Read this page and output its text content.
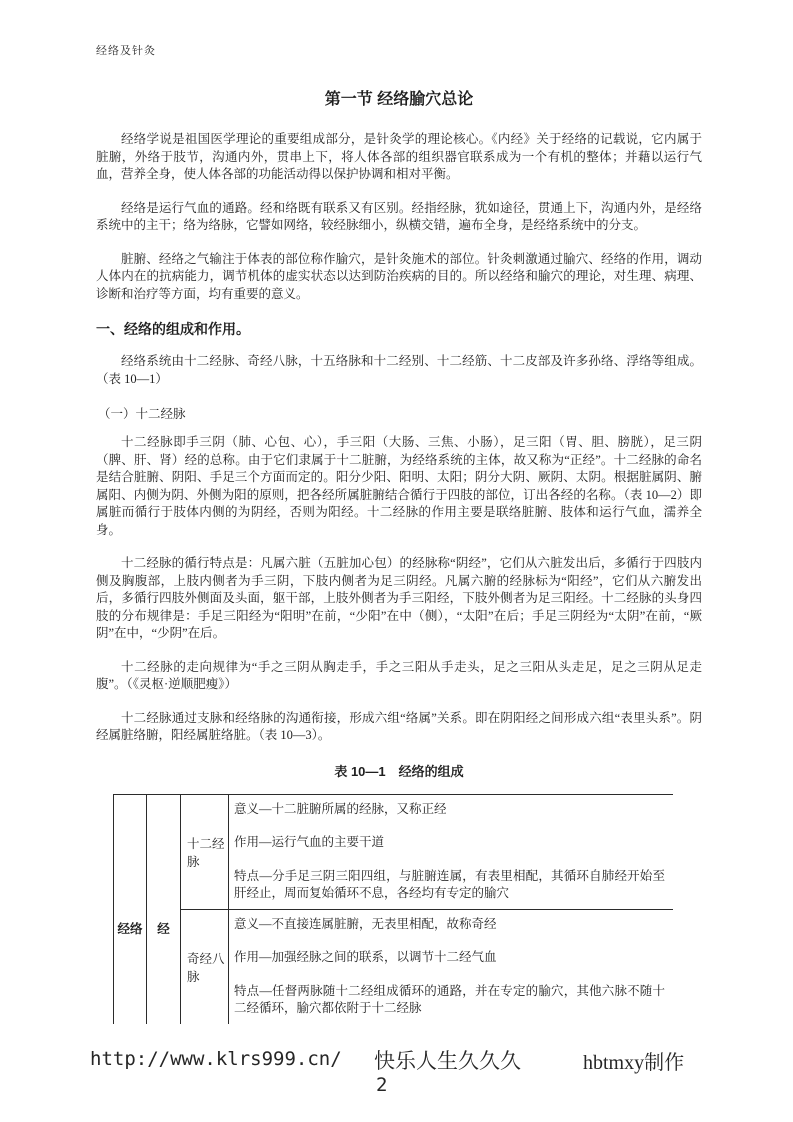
经络及针灸
第一节 经络腧穴总论

经络学说是祖国医学理论的重要组成部分，是针灸学的理论核心。《内经》关于经络的记载说，它内属于脏腑，外络于肢节，沟通内外，贯串上下，将人体各部的组织器官联系成为一个有机的整体；并藉以运行气血，营养全身，使人体各部的功能活动得以保护协调和相对平衡。

经络是运行气血的通路。经和络既有联系又有区别。经指经脉，犹如途径，贯通上下，沟通内外，是经络系统中的主干；络为络脉，它譬如网络，较经脉细小，纵横交错，遍布全身，是经络系统中的分支。

脏腑、经络之气输注于体表的部位称作腧穴，是针灸施术的部位。针灸刺激通过腧穴、经络的作用，调动人体内在的抗病能力，调节机体的虚实状态以达到防治疾病的目的。所以经络和腧穴的理论，对生理、病理、诊断和治疗等方面，均有重要的意义。

一、经络的组成和作用。

经络系统由十二经脉、奇经八脉，十五络脉和十二经别、十二经筋、十二皮部及许多孙络、浮络等组成。（表 10—1）

（一）十二经脉

十二经脉即手三阴（肺、心包、心），手三阳（大肠、三焦、小肠），足三阳（胃、胆、膀胱），足三阴（脾、肝、肾）经的总称。由于它们隶属于十二脏腑，为经络系统的主体，故又称为“正经”。十二经脉的命名是结合脏腑、阴阳、手足三个方面而定的。阳分少阳、阳明、太阳；阴分大阴、厥阴、太阴。根据脏属阴、腑属阳、内侧为阴、外侧为阳的原则，把各经所属脏腑结合循行于四肢的部位，订出各经的名称。（表 10—2）即属脏而循行于肢体内侧的为阴经，否则为阳经。十二经脉的作用主要是联络脏腑、肢体和运行气血，濡养全身。

十二经脉的循行特点是：凡属六脏（五脏加心包）的经脉称“阴经”，它们从六脏发出后，多循行于四肢内侧及胸腹部，上肢内侧者为手三阴，下肢内侧者为足三阴经。凡属六腑的经脉标为“阳经”，它们从六腑发出后，多循行四肢外侧面及头面，躯干部，上肢外侧者为手三阳经，下肢外侧者为足三阳经。十二经脉的头身四肢的分布规律是：手足三阳经为“阳明”在前，“少阳”在中（侧），“太阳”在后；手足三阴经为“太阴”在前，“厥阴”在中，“少阴”在后。

十二经脉的走向规律为“手之三阴从胸走手，手之三阳从手走头，足之三阳从头走足，足之三阴从足走腹”。（《灵枢·逆顺肥瘦》）

十二经脉通过支脉和经络脉的沟通衔接，形成六组“络属”关系。即在阴阳经之间形成六组“表里头系”。阴经属脏络腑，阳经属脏络脏。（表 10—3）。

表 10—1　经络的组成
经络	经	十二经脉	意义—十二脏腑所属的经脉，又称正经

作用—运行气血的主要干道

特点—分手足三阴三阳四组，与脏腑连属，有表里相配，其循环自肺经开始至肝经止，周而复始循环不息，各经均有专定的腧穴

		奇经八脉	意义—不直接连属脏腑，无表里相配，故称奇经

作用—加强经脉之间的联系，以调节十二经气血

特点—任督两脉随十二经组成循环的通路，并在专定的腧穴，其他六脉不随十二经循环，腧穴都依附于十二经脉

http://www.klrs999.cn/ 快乐人生久久久	hbtmxy制作
2
